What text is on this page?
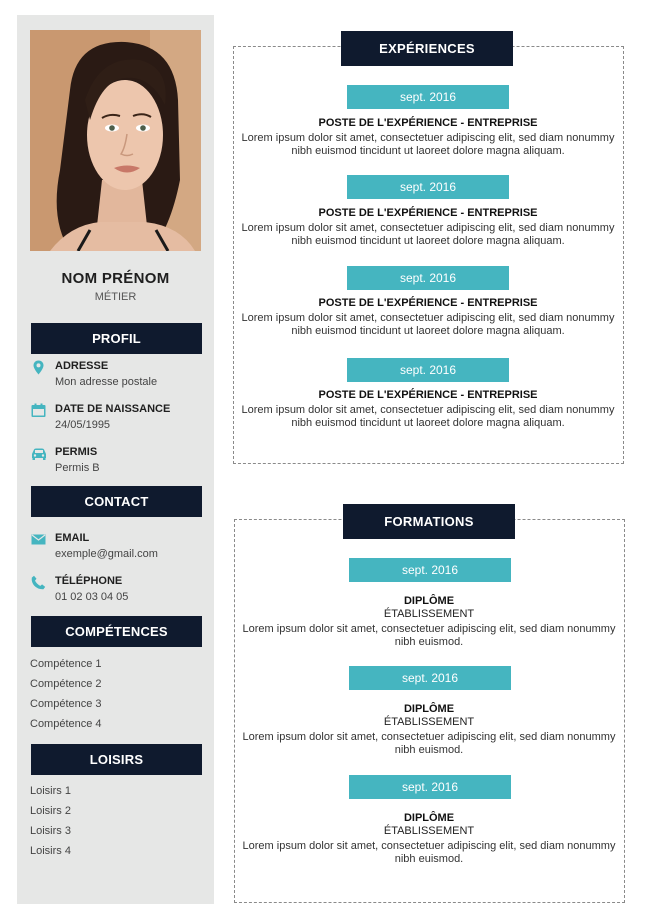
NOM PRÉNOM
MÉTIER
PROFIL
ADRESSE
Mon adresse postale
DATE DE NAISSANCE
24/05/1995
PERMIS
Permis B
CONTACT
EMAIL
exemple@gmail.com
TÉLÉPHONE
01 02 03 04 05
COMPÉTENCES
Compétence 1
Compétence 2
Compétence 3
Compétence 4
LOISIRS
Loisirs 1
Loisirs 2
Loisirs 3
Loisirs 4
EXPÉRIENCES
sept. 2016
POSTE DE L'EXPÉRIENCE - ENTREPRISE
Lorem ipsum dolor sit amet, consectetuer adipiscing elit, sed diam nonummy nibh euismod tincidunt ut laoreet dolore magna aliquam.
sept. 2016
POSTE DE L'EXPÉRIENCE - ENTREPRISE
Lorem ipsum dolor sit amet, consectetuer adipiscing elit, sed diam nonummy nibh euismod tincidunt ut laoreet dolore magna aliquam.
sept. 2016
POSTE DE L'EXPÉRIENCE - ENTREPRISE
Lorem ipsum dolor sit amet, consectetuer adipiscing elit, sed diam nonummy nibh euismod tincidunt ut laoreet dolore magna aliquam.
sept. 2016
POSTE DE L'EXPÉRIENCE - ENTREPRISE
Lorem ipsum dolor sit amet, consectetuer adipiscing elit, sed diam nonummy nibh euismod tincidunt ut laoreet dolore magna aliquam.
FORMATIONS
sept. 2016
DIPLÔME
ÉTABLISSEMENT
Lorem ipsum dolor sit amet, consectetuer adipiscing elit, sed diam nonummy nibh euismod.
sept. 2016
DIPLÔME
ÉTABLISSEMENT
Lorem ipsum dolor sit amet, consectetuer adipiscing elit, sed diam nonummy nibh euismod.
sept. 2016
DIPLÔME
ÉTABLISSEMENT
Lorem ipsum dolor sit amet, consectetuer adipiscing elit, sed diam nonummy nibh euismod.
